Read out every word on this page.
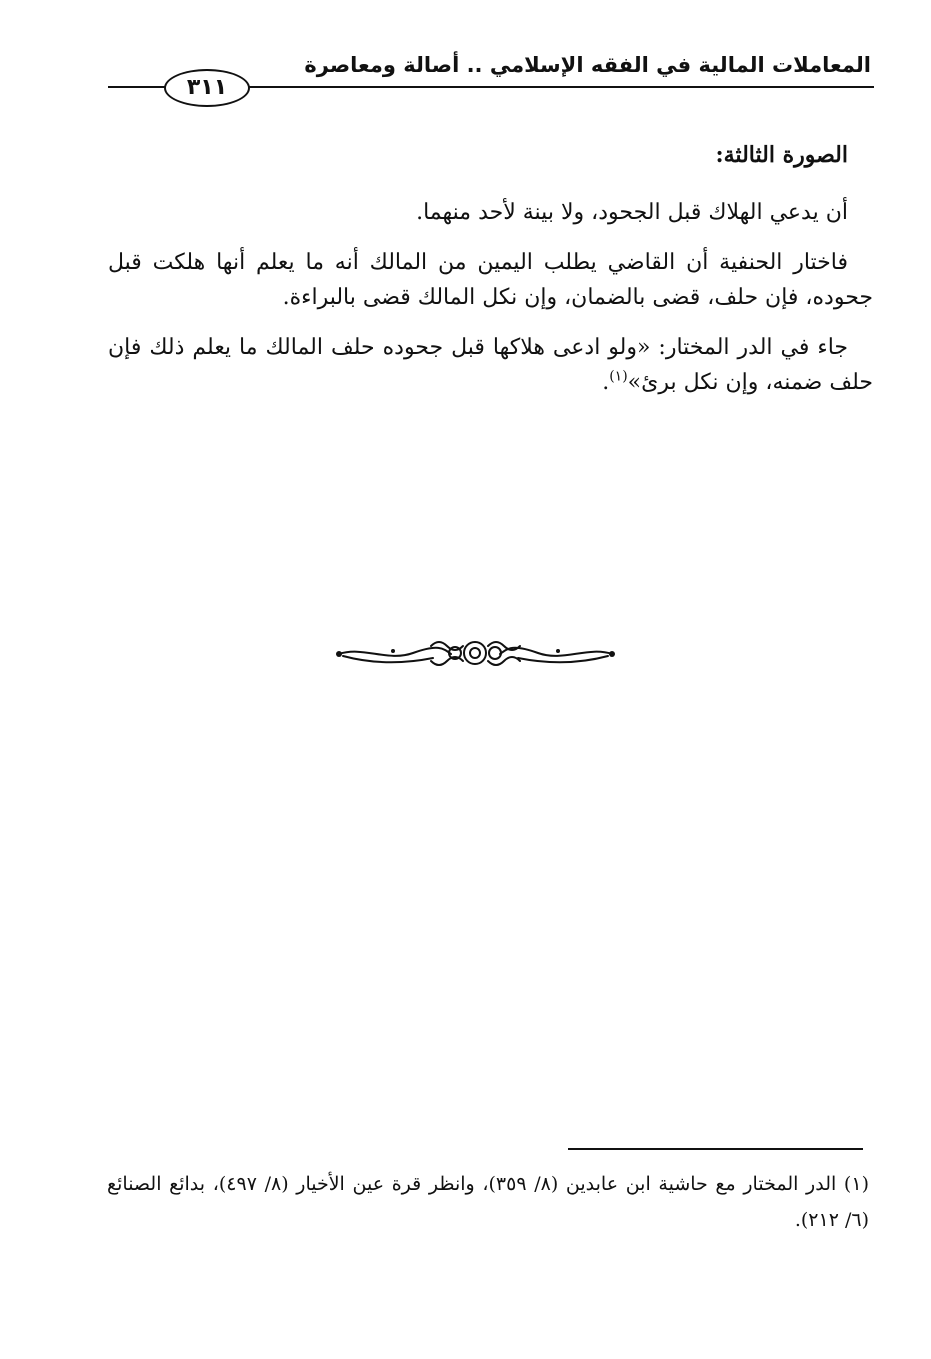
المعاملات المالية في الفقه الإسلامي .. أصالة ومعاصرة
٣١١

الصورة الثالثة:

أن يدعي الهلاك قبل الجحود، ولا بينة لأحد منهما.

فاختار الحنفية أن القاضي يطلب اليمين من المالك أنه ما يعلم أنها هلكت قبل جحوده، فإن حلف، قضى بالضمان، وإن نكل المالك قضى بالبراءة.

جاء في الدر المختار: «ولو ادعى هلاكها قبل جحوده حلف المالك ما يعلم ذلك فإن حلف ضمنه، وإن نكل برئ»$^{(١)}$.

(١) الدر المختار مع حاشية ابن عابدين (٨/ ٣٥٩)، وانظر قرة عين الأخيار (٨/ ٤٩٧)، بدائع الصنائع (٦/ ٢١٢).
